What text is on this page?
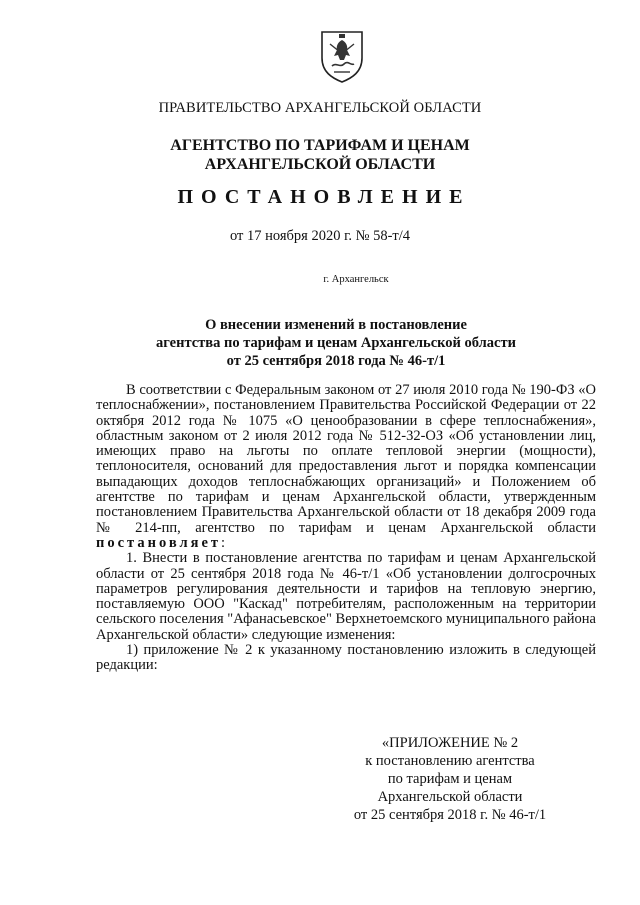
ПРАВИТЕЛЬСТВО АРХАНГЕЛЬСКОЙ ОБЛАСТИ
АГЕНТСТВО ПО ТАРИФАМ И ЦЕНАМ
АРХАНГЕЛЬСКОЙ ОБЛАСТИ
ПОСТАНОВЛЕНИЕ
от 17 ноября 2020 г. № 58-т/4
г. Архангельск
О внесении изменений в постановление
агентства по тарифам и ценам Архангельской области
от 25 сентября 2018 года № 46-т/1

В соответствии с Федеральным законом от 27 июля 2010 года № 190-ФЗ «О теплоснабжении», постановлением Правительства Российской Федерации от 22 октября 2012 года № 1075 «О ценообразовании в сфере теплоснабжения», областным законом от 2 июля 2012 года № 512-32-ОЗ «Об установлении лиц, имеющих право на льготы по оплате тепловой энергии (мощности), теплоносителя, оснований для предоставления льгот и порядка компенсации выпадающих доходов теплоснабжающих организаций» и Положением об агентстве по тарифам и ценам Архангельской области, утвержденным постановлением Правительства Архангельской области от 18 декабря 2009 года № 214-пп, агентство по тарифам и ценам Архангельской области постановляет:

1. Внести в постановление агентства по тарифам и ценам Архангельской области от 25 сентября 2018 года № 46-т/1 «Об установлении долгосрочных параметров регулирования деятельности и тарифов на тепловую энергию, поставляемую ООО "Каскад" потребителям, расположенным на территории сельского поселения "Афанасьевское" Верхнетоемского муниципального района Архангельской области» следующие изменения:

1) приложение № 2 к указанному постановлению изложить в следующей редакции:

«ПРИЛОЖЕНИЕ № 2
к постановлению агентства
по тарифам и ценам
Архангельской области
от 25 сентября 2018 г. № 46-т/1
